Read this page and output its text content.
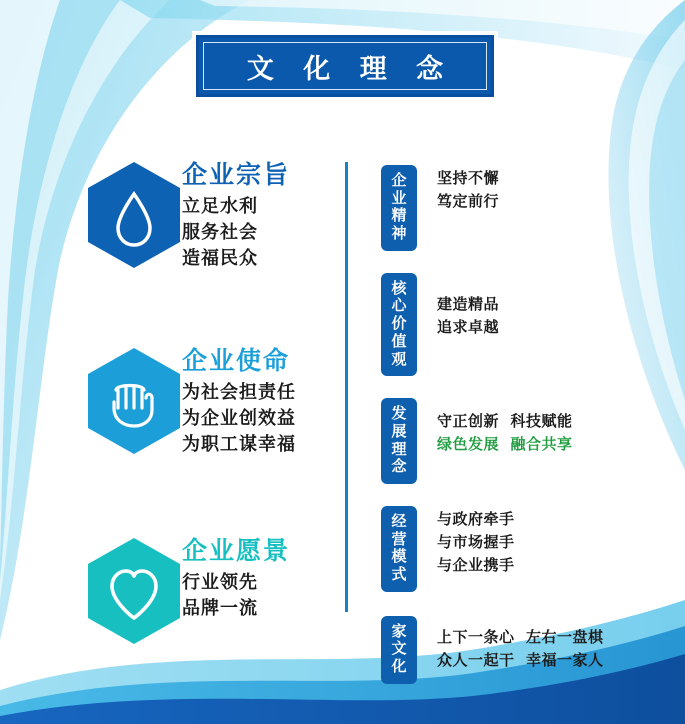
文 化 理 念
企业宗旨
立足水利
服务社会
造福民众
企业使命
为社会担责任
为企业创效益
为职工谋幸福
企业愿景
行业领先
品牌一流
企
业
精
神
坚持不懈
笃定前行
核
心
价
值
观
建造精品
追求卓越
发
展
理
念
守正创新  科技赋能
绿色发展  融合共享
经
营
模
式
与政府牵手
与市场握手
与企业携手
家
文
化
上下一条心  左右一盘棋
众人一起干  幸福一家人
